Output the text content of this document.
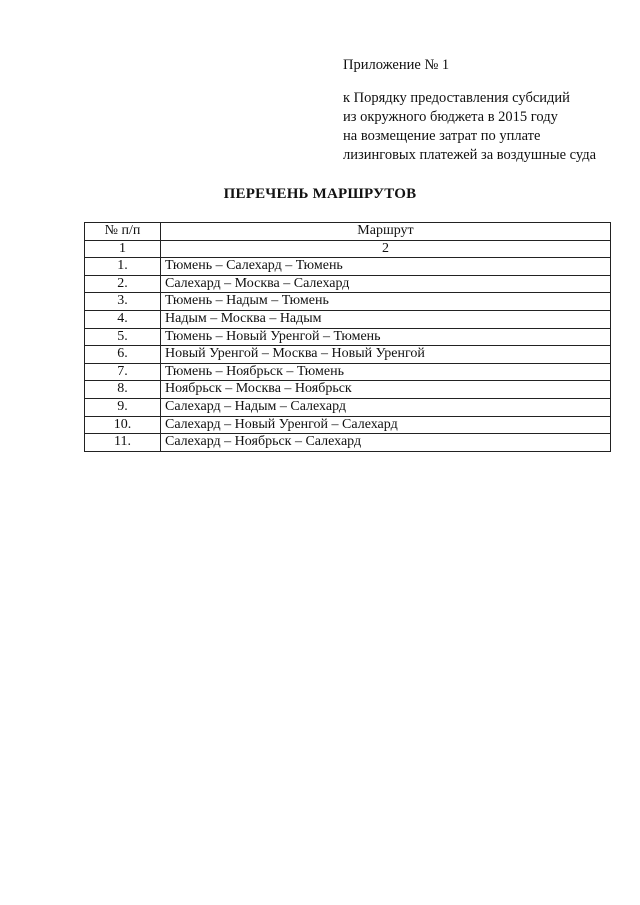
Приложение № 1
к Порядку предоставления субсидий
из окружного бюджета в 2015 году
на возмещение затрат по уплате
лизинговых платежей за воздушные суда
ПЕРЕЧЕНЬ МАРШРУТОВ
№ п/п	Маршрут
1	2
1.	Тюмень – Салехард – Тюмень
2.	Салехард – Москва – Салехард
3.	Тюмень – Надым – Тюмень
4.	Надым – Москва – Надым
5.	Тюмень – Новый Уренгой – Тюмень
6.	Новый Уренгой – Москва – Новый Уренгой
7.	Тюмень – Ноябрьск – Тюмень
8.	Ноябрьск – Москва – Ноябрьск
9.	Салехард – Надым – Салехард
10.	Салехард – Новый Уренгой – Салехард
11.	Салехард – Ноябрьск – Салехард
